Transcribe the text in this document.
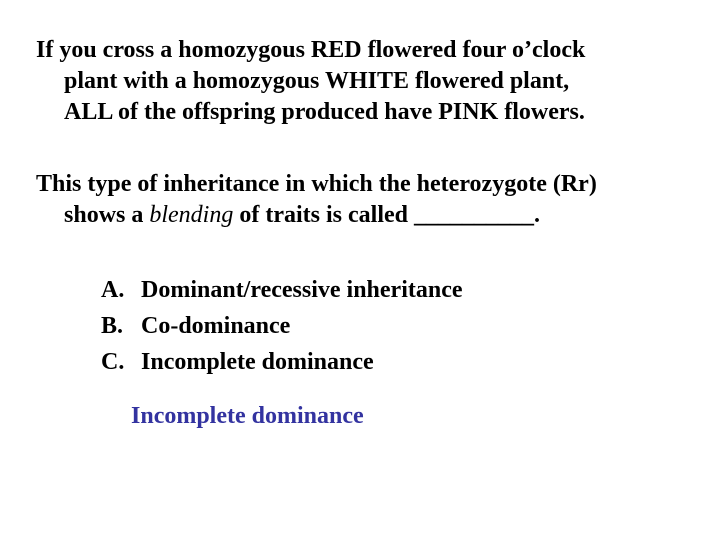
If you cross a homozygous RED flowered four o’clock
plant with a homozygous WHITE flowered plant,
ALL of the offspring produced have PINK flowers.
This type of inheritance in which the heterozygote (Rr)
shows a blending of traits is called __________.
A. Dominant/recessive inheritance
B. Co-dominance
C. Incomplete dominance
Incomplete dominance
